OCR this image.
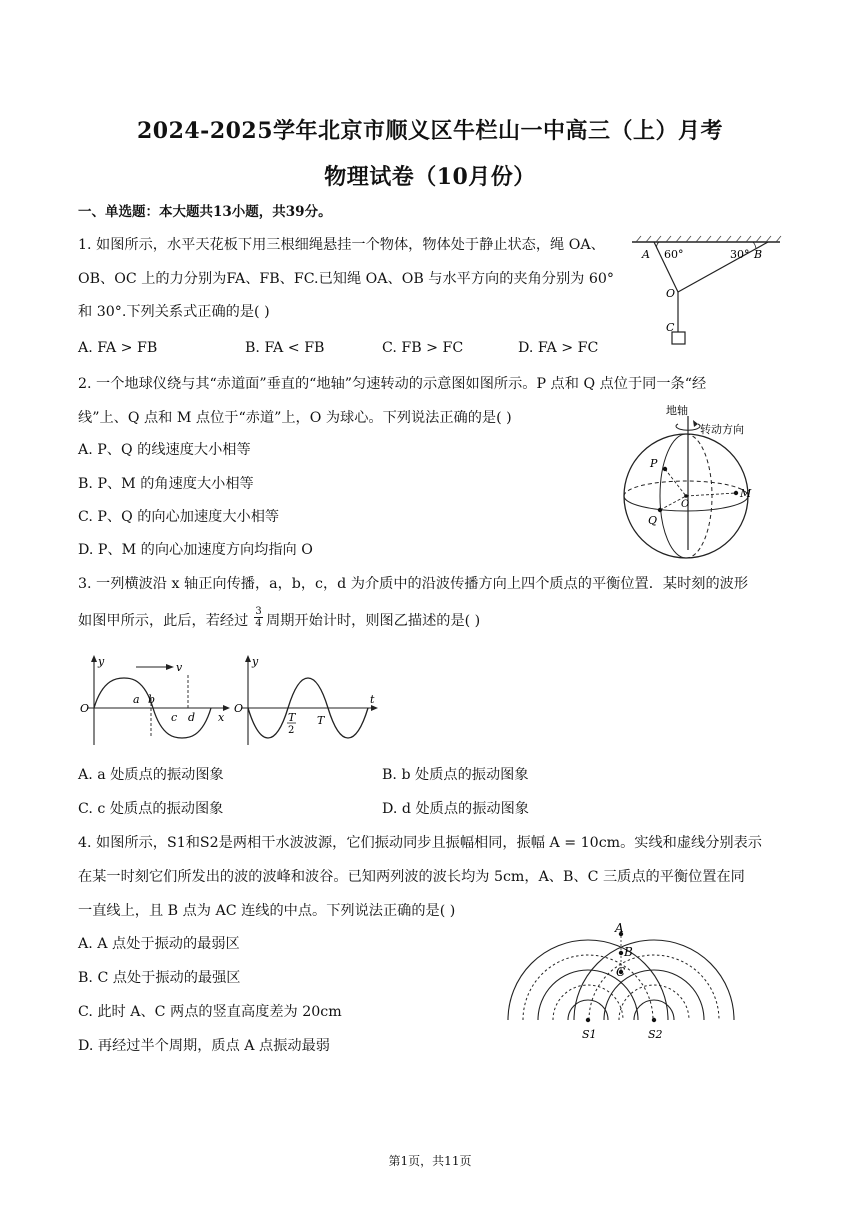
2024-2025学年北京市顺义区牛栏山一中高三（上）月考
物理试卷（10月份）
一、单选题：本大题共13小题，共39分。
1. 如图所示，水平天花板下用三根细绳悬挂一个物体，物体处于静止状态，绳 OA、
OB、OC 上的力分别为FA、FB、FC.已知绳 OA、OB 与水平方向的夹角分别为 60°
和 30°.下列关系式正确的是( )
A. FA > FB	B. FA < FB	C. FB > FC	D. FA > FC
A 60°	30° B
O
C
2. 一个地球仪绕与其“赤道面”垂直的“地轴”匀速转动的示意图如图所示。P 点和 Q 点位于同一条“经
线”上、Q 点和 M 点位于“赤道”上，O 为球心。下列说法正确的是( )
A. P、Q 的线速度大小相等
B. P、M 的角速度大小相等
C. P、Q 的向心加速度大小相等
D. P、M 的向心加速度方向均指向 O
地轴
转动方向
P
Q
M
O
3. 一列横波沿 x 轴正向传播，a，b，c，d 为介质中的沿波传播方向上四个质点的平衡位置．某时刻的波形
如图甲所示，此后，若经过 $\frac{3}{4}$ 周期开始计时，则图乙描述的是( )
y	v
O
a b
c d x
y
O
T
2
T
t
A. a 处质点的振动图象	B. b 处质点的振动图象
C. c 处质点的振动图象	D. d 处质点的振动图象
4. 如图所示，S1和S2是两相干水波波源，它们振动同步且振幅相同，振幅 A = 10cm。实线和虚线分别表示
在某一时刻它们所发出的波的波峰和波谷。已知两列波的波长均为 5cm，A、B、C 三质点的平衡位置在同
一直线上，且 B 点为 AC 连线的中点。下列说法正确的是( )
A. A 点处于振动的最弱区
B. C 点处于振动的最强区
C. 此时 A、C 两点的竖直高度差为 20cm
D. 再经过半个周期，质点 A 点振动最弱
A
B
C
S1	S2
第1页，共11页
